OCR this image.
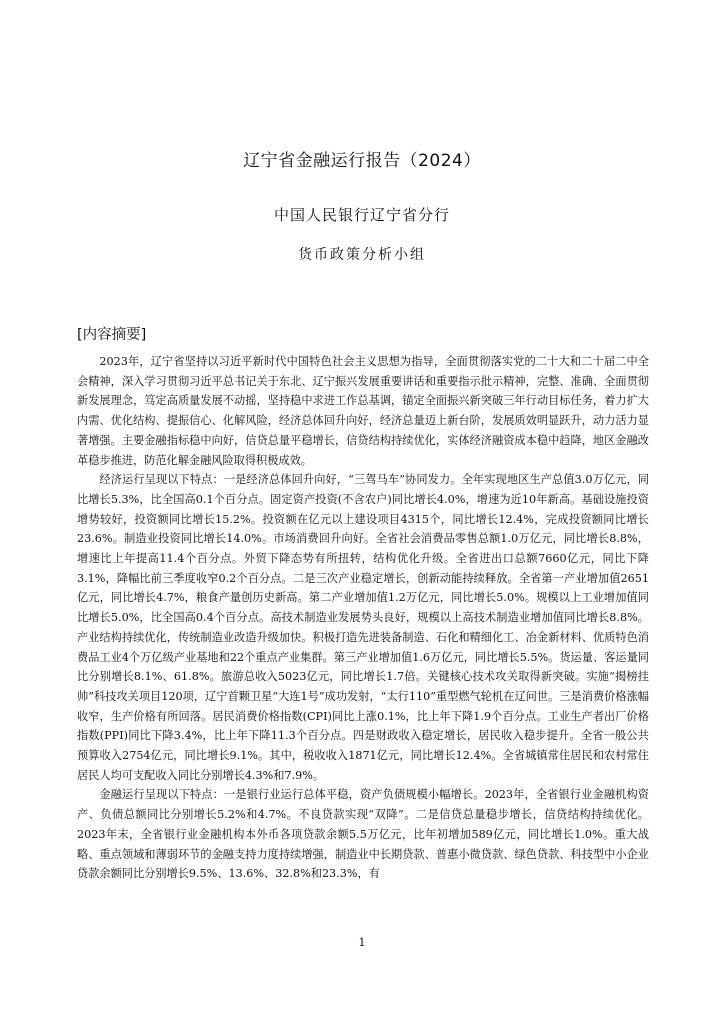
辽宁省金融运行报告（2024）
中国人民银行辽宁省分行
货币政策分析小组
[内容摘要]

2023年，辽宁省坚持以习近平新时代中国特色社会主义思想为指导，全面贯彻落实党的二十大和二十届二中全会精神，深入学习贯彻习近平总书记关于东北、辽宁振兴发展重要讲话和重要指示批示精神，完整、准确、全面贯彻新发展理念，笃定高质量发展不动摇，坚持稳中求进工作总基调，锚定全面振兴新突破三年行动目标任务，着力扩大内需、优化结构、提振信心、化解风险，经济总体回升向好，经济总量迈上新台阶，发展质效明显跃升，动力活力显著增强。主要金融指标稳中向好，信贷总量平稳增长，信贷结构持续优化，实体经济融资成本稳中趋降，地区金融改革稳步推进，防范化解金融风险取得积极成效。

经济运行呈现以下特点：一是经济总体回升向好，“三驾马车”协同发力。全年实现地区生产总值3.0万亿元，同比增长5.3%，比全国高0.1个百分点。固定资产投资(不含农户)同比增长4.0%，增速为近10年新高。基础设施投资增势较好，投资额同比增长15.2%。投资额在亿元以上建设项目4315个，同比增长12.4%，完成投资额同比增长23.6%。制造业投资同比增长14.0%。市场消费回升向好。全省社会消费品零售总额1.0万亿元，同比增长8.8%，增速比上年提高11.4个百分点。外贸下降态势有所扭转，结构优化升级。全省进出口总额7660亿元，同比下降3.1%，降幅比前三季度收窄0.2个百分点。二是三次产业稳定增长，创新动能持续释放。全省第一产业增加值2651亿元，同比增长4.7%，粮食产量创历史新高。第二产业增加值1.2万亿元，同比增长5.0%。规模以上工业增加值同比增长5.0%，比全国高0.4个百分点。高技术制造业发展势头良好，规模以上高技术制造业增加值同比增长8.8%。产业结构持续优化，传统制造业改造升级加快。积极打造先进装备制造、石化和精细化工、冶金新材料、优质特色消费品工业4个万亿级产业基地和22个重点产业集群。第三产业增加值1.6万亿元，同比增长5.5%。货运量、客运量同比分别增长8.1%、61.8%。旅游总收入5023亿元，同比增长1.7倍。关键核心技术攻关取得新突破。实施“揭榜挂帅”科技攻关项目120项，辽宁首颗卫星“大连1号”成功发射，“太行110”重型燃气轮机在辽问世。三是消费价格涨幅收窄，生产价格有所回落。居民消费价格指数(CPI)同比上涨0.1%，比上年下降1.9个百分点。工业生产者出厂价格指数(PPI)同比下降3.4%，比上年下降11.3个百分点。四是财政收入稳定增长，居民收入稳步提升。全省一般公共预算收入2754亿元，同比增长9.1%。其中，税收收入1871亿元，同比增长12.4%。全省城镇常住居民和农村常住居民人均可支配收入同比分别增长4.3%和7.9%。

金融运行呈现以下特点：一是银行业运行总体平稳，资产负债规模小幅增长。2023年，全省银行业金融机构资产、负债总额同比分别增长5.2%和4.7%。不良贷款实现“双降”。二是信贷总量稳步增长，信贷结构持续优化。2023年末，全省银行业金融机构本外币各项贷款余额5.5万亿元，比年初增加589亿元，同比增长1.0%。重大战略、重点领域和薄弱环节的金融支持力度持续增强，制造业中长期贷款、普惠小微贷款、绿色贷款、科技型中小企业贷款余额同比分别增长9.5%、13.6%、32.8%和23.3%，有

1
